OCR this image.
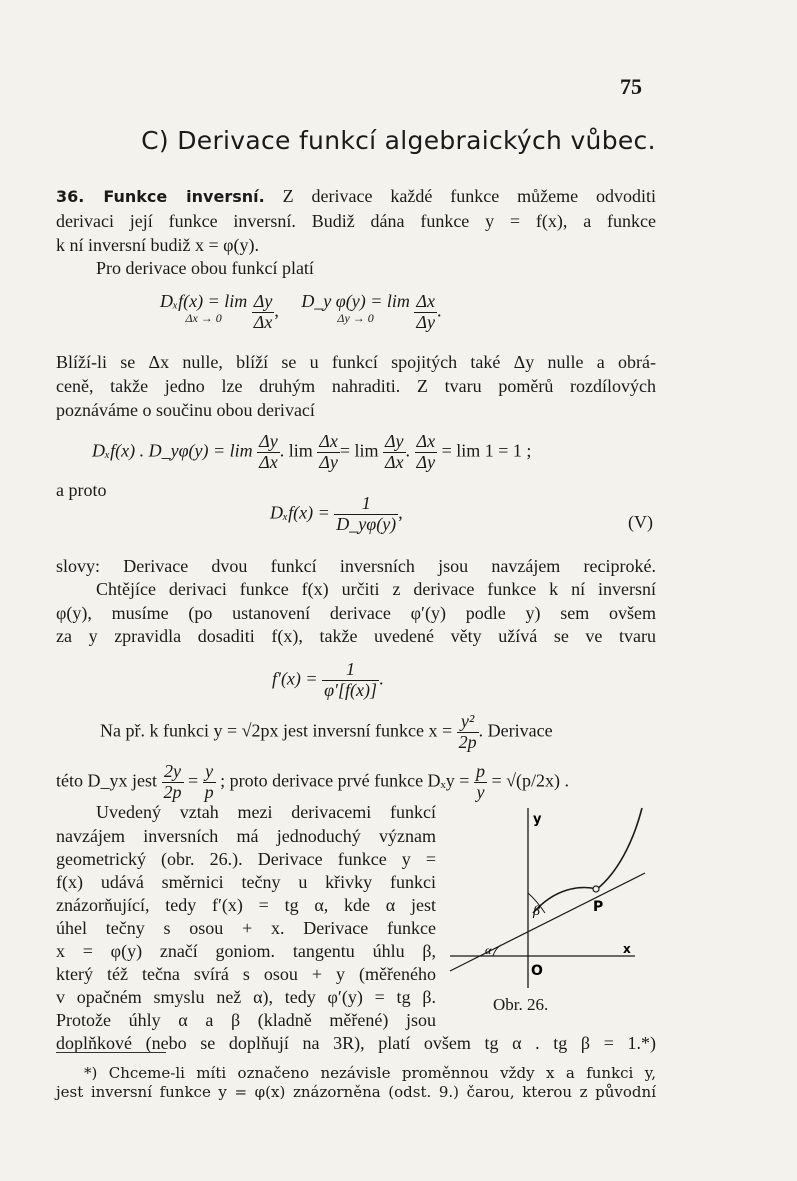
75
C) Derivace funkcí algebraických vůbec.
36. Funkce inversní. Z derivace každé funkce můžeme odvoditi
derivaci její funkce inversní. Budiž dána funkce y = f(x), a funkce
k ní inversní budiž x = φ(y).
Pro derivace obou funkcí platí
Dₓf(x) = lim
Δx → 0
	$\frac{\Delta y}{\Delta x}$ ,     D_y φ(y) = lim
Δy → 0
	$\frac{\Delta x}{\Delta y}$ .
Blíží-li se Δx nulle, blíží se u funkcí spojitých také Δy nulle a obrá-
ceně, takže jedno lze druhým nahraditi. Z tvaru poměrů rozdílových
poznáváme o součinu obou derivací
Dₓf(x) . D_yφ(y) = $\lim \frac{\Delta y}{\Delta x}$ . $\lim \frac{\Delta x}{\Delta y} = \lim \frac{\Delta y}{\Delta x}$ . $\frac{\Delta x}{\Delta y} = \lim 1 = 1$ ;
a proto
$D_xf(x) = \frac{1}{D\_y\varphi(y)}$ ,	(V)
slovy: Derivace dvou funkcí inversních jsou navzájem reciproké.
Chtějíce derivaci funkce f(x) určiti z derivace funkce k ní inversní
φ(y), musíme (po ustanovení derivace φ′(y) podle y) sem ovšem
za y zpravidla dosaditi f(x), takže uvedené věty užívá se ve tvaru
$f'(x) = \frac{1}{\varphi'[f(x)]}$ .
Na př. k funkci y = √2px jest inversní funkce $x = \frac{\text{y²}}{2p}$ . Derivace
této D_yx jest $\frac{2y}{2p} = \frac{y}{p}$ ; proto derivace prvé funkce $D_xy = \frac{p}{y} = √(p/2x)$ .
Uvedený vztah mezi derivacemi funkcí
navzájem inversních má jednoduchý význam
geometrický (obr. 26.). Derivace funkce y =
f(x) udává směrnici tečny u křivky funkci
znázorňující, tedy f′(x) = tg α, kde α jest
úhel tečny s osou + x. Derivace funkce
x = φ(y) značí goniom. tangentu úhlu β,
který též tečna svírá s osou + y (měřeného
v opačném smyslu než α), tedy φ′(y) = tg β.
Protože úhly α a β (kladně měřené) jsou
doplňkové (nebo se doplňují na 3R), platí ovšem tg α . tg β = 1.*)
y
x
O
P
β
α
Obr. 26.
*) Chceme-li míti označeno nezávisle proměnnou vždy x a funkci y,
jest inversní funkce y = φ(x) znázorněna (odst. 9.) čarou, kterou z původní
